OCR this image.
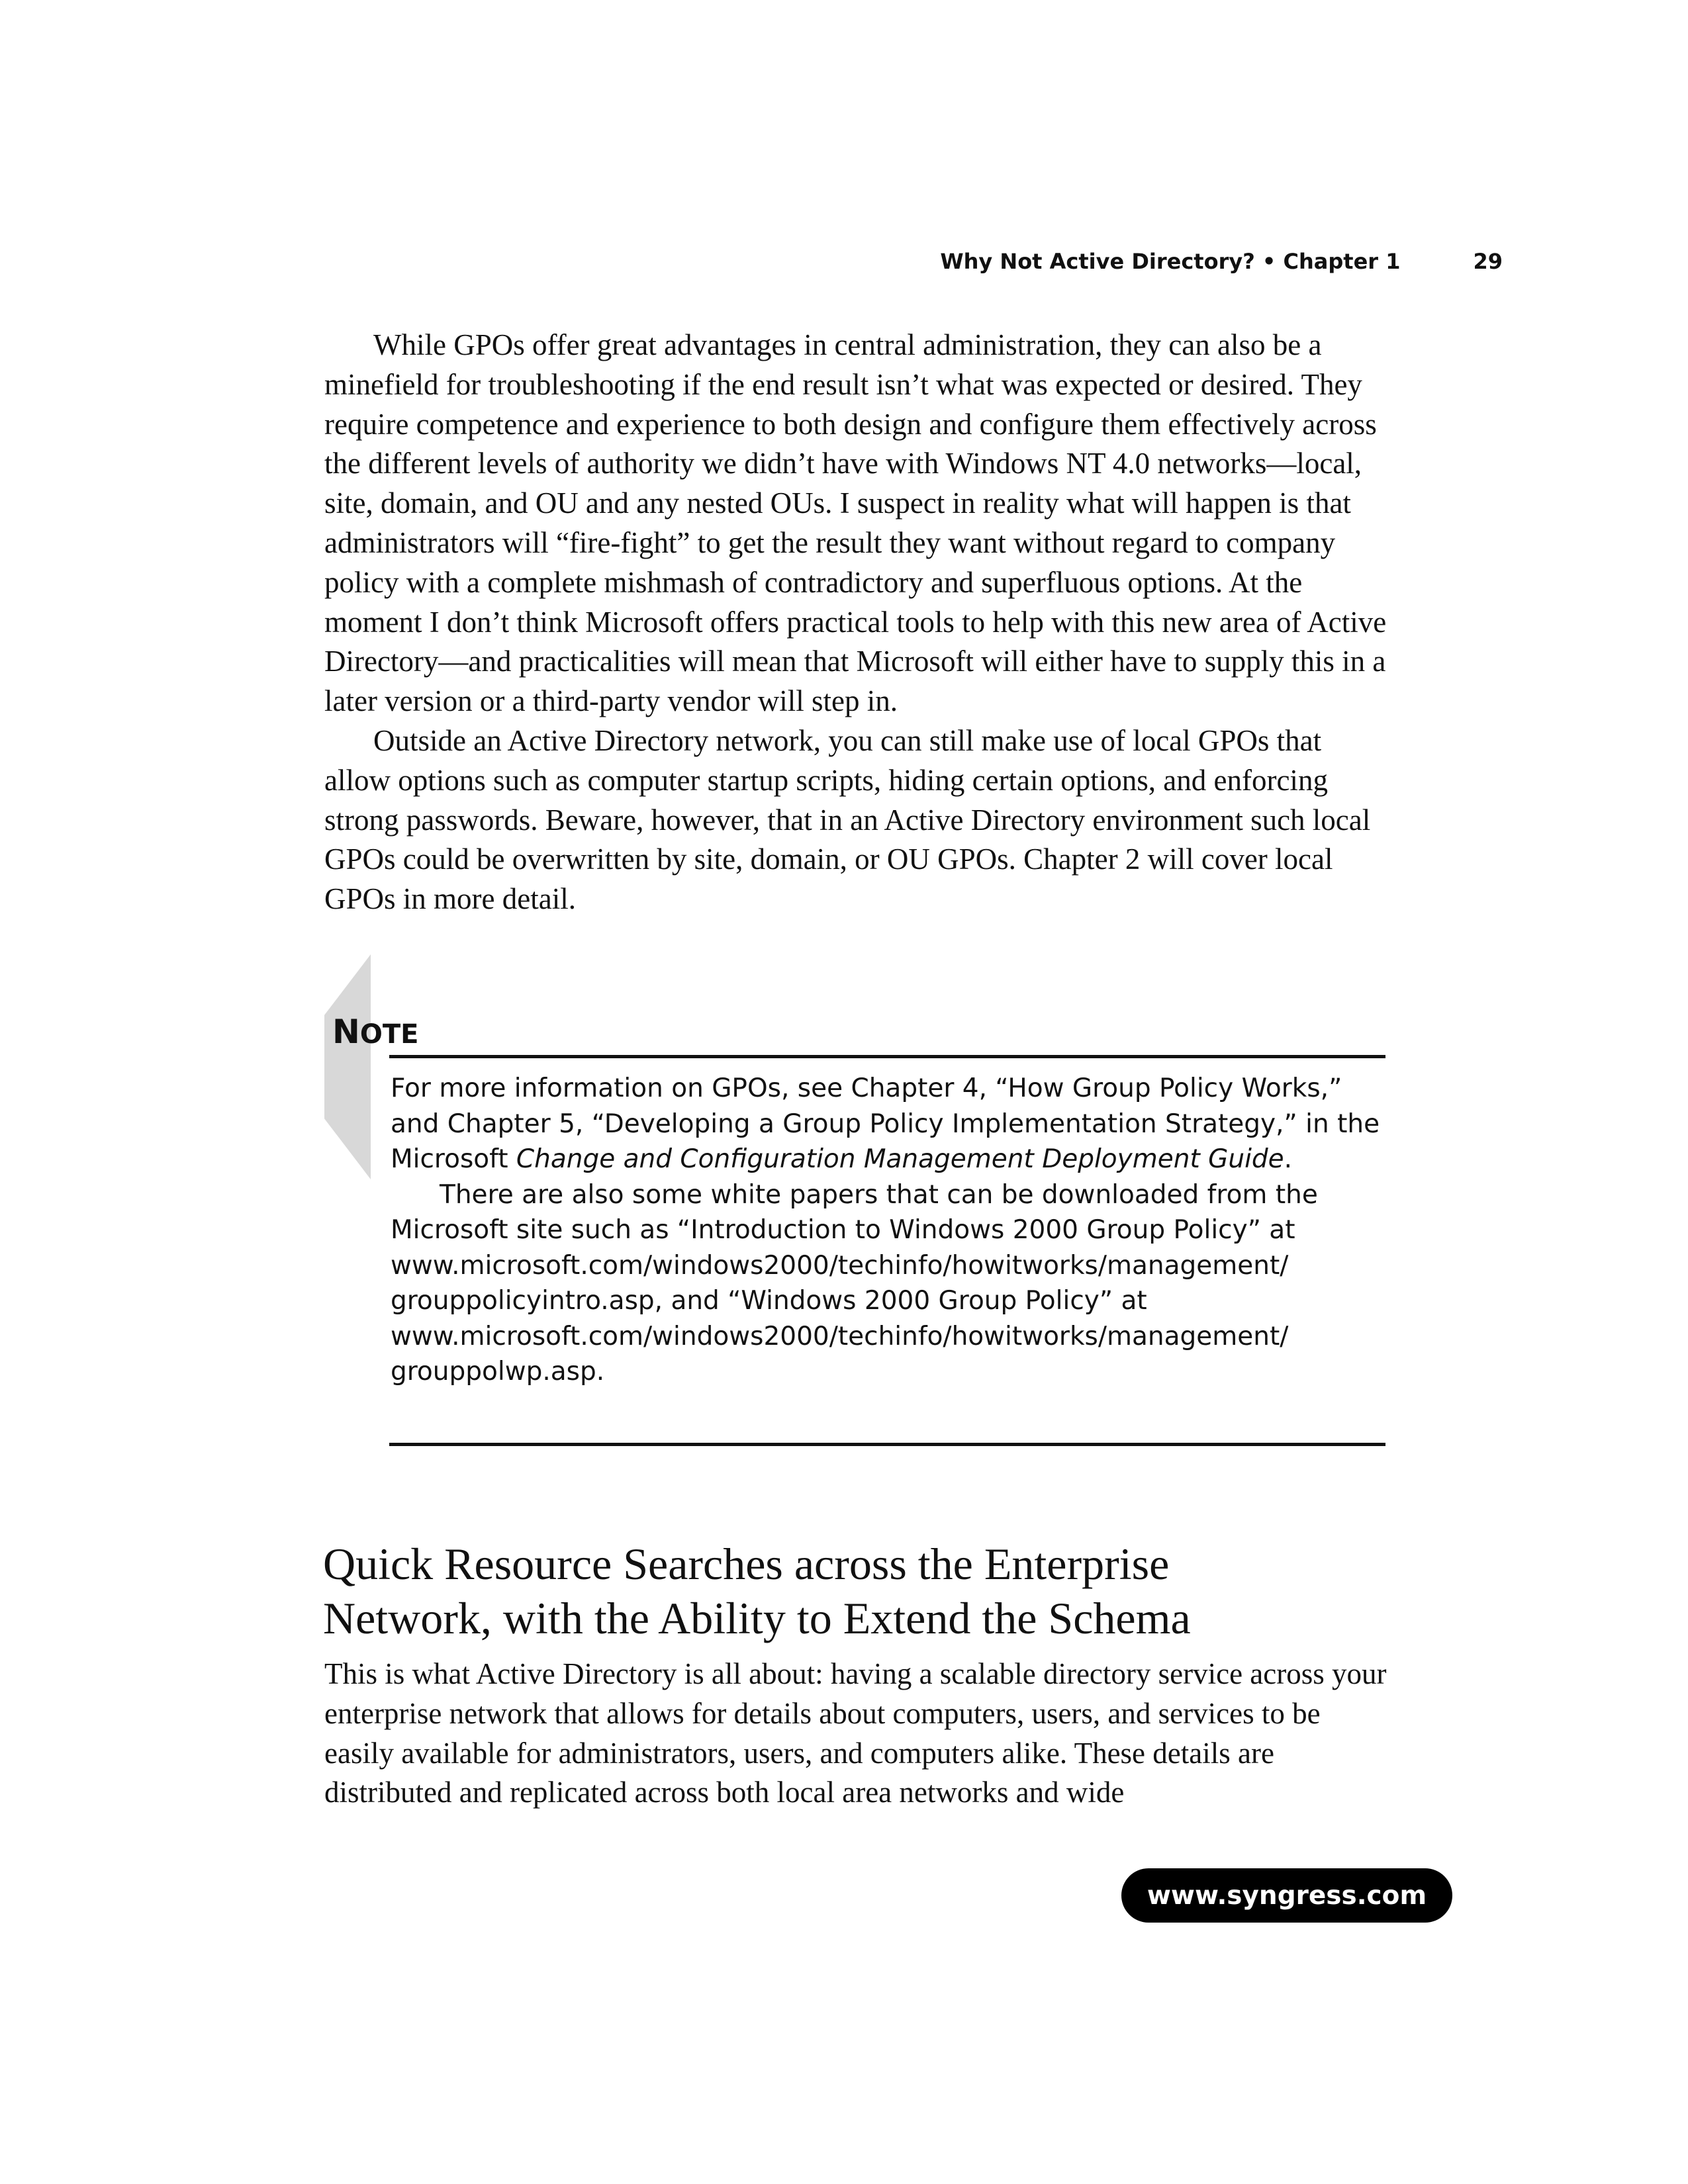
Why Not Active Directory? • Chapter 1	29

While GPOs offer great advantages in central administration, they can also be a minefield for troubleshooting if the end result isn’t what was expected or desired. They require competence and experience to both design and configure them effectively across the different levels of authority we didn’t have with Windows NT 4.0 networks—local, site, domain, and OU and any nested OUs. I suspect in reality what will happen is that administrators will “fire-fight” to get the result they want without regard to company policy with a complete mishmash of contradictory and superfluous options. At the moment I don’t think Microsoft offers practical tools to help with this new area of Active Directory—and practicalities will mean that Microsoft will either have to supply this in a later version or a third-party vendor will step in.

Outside an Active Directory network, you can still make use of local GPOs that allow options such as computer startup scripts, hiding certain options, and enforcing strong passwords. Beware, however, that in an Active Directory environment such local GPOs could be overwritten by site, domain, or OU GPOs. Chapter 2 will cover local GPOs in more detail.

NOTE

For more information on GPOs, see Chapter 4, “How Group Policy Works,” and Chapter 5, “Developing a Group Policy Implementation Strategy,” in the Microsoft Change and Configuration Management Deployment Guide.

There are also some white papers that can be downloaded from the Microsoft site such as “Introduction to Windows 2000 Group Policy” at
www.microsoft.com/windows2000/techinfo/howitworks/management/
grouppolicyintro.asp, and “Windows 2000 Group Policy” at
www.microsoft.com/windows2000/techinfo/howitworks/management/
grouppolwp.asp.

Quick Resource Searches across the Enterprise
Network, with the Ability to Extend the Schema

This is what Active Directory is all about: having a scalable directory service across your enterprise network that allows for details about computers, users, and services to be easily available for administrators, users, and computers alike. These details are distributed and replicated across both local area networks and wide

www.syngress.com
